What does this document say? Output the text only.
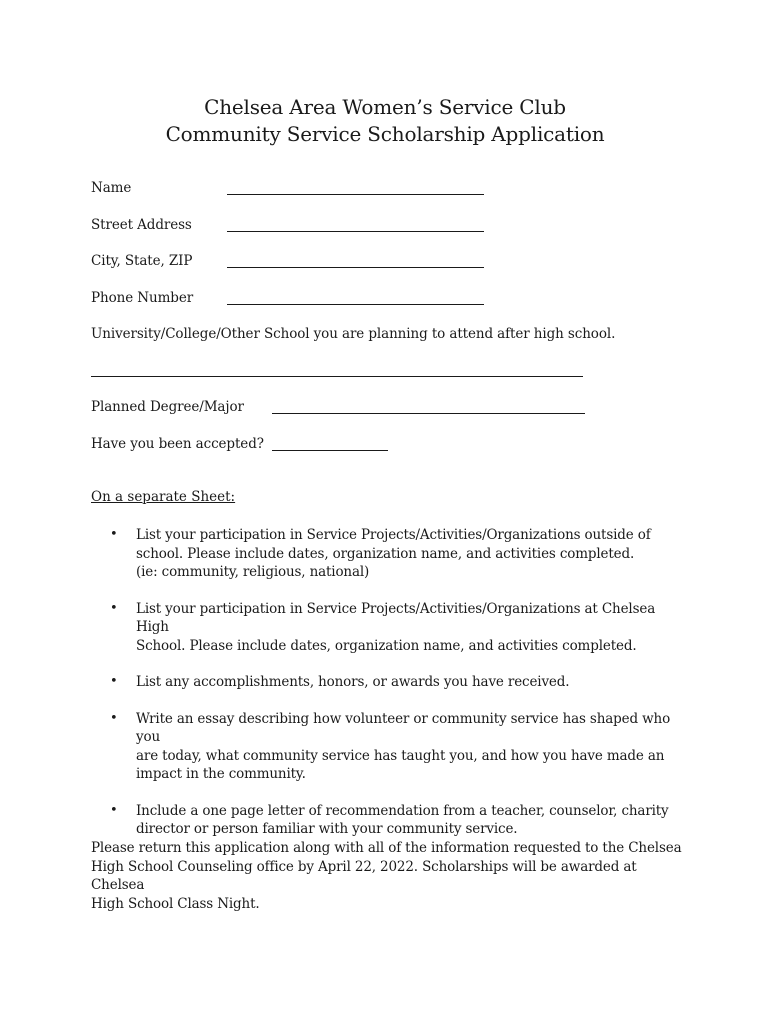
Chelsea Area Women’s Service Club
Community Service Scholarship Application
Name
Street Address
City, State, ZIP
Phone Number
University/College/Other School you are planning to attend after high school.
Planned Degree/Major
Have you been accepted?
On a separate Sheet:
• List your participation in Service Projects/Activities/Organizations outside of
school. Please include dates, organization name, and activities completed.
(ie: community, religious, national)
• List your participation in Service Projects/Activities/Organizations at Chelsea High
School. Please include dates, organization name, and activities completed.
• List any accomplishments, honors, or awards you have received.
• Write an essay describing how volunteer or community service has shaped who you
are today, what community service has taught you, and how you have made an
impact in the community.
• Include a one page letter of recommendation from a teacher, counselor, charity
director or person familiar with your community service.
Please return this application along with all of the information requested to the Chelsea
High School Counseling office by April 22, 2022. Scholarships will be awarded at Chelsea
High School Class Night.
